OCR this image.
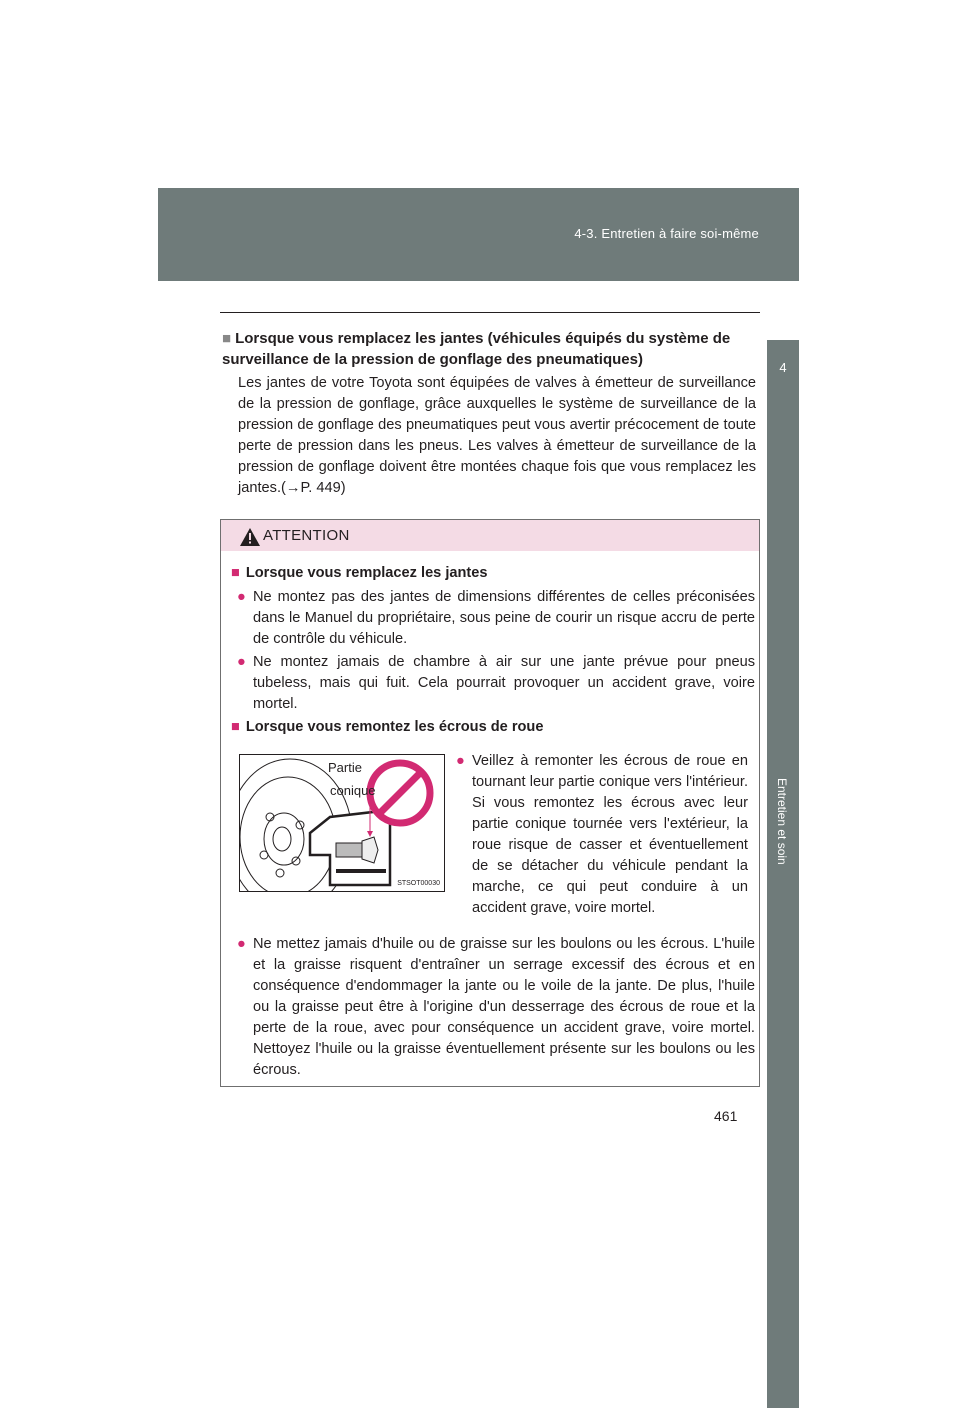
4-3. Entretien à faire soi-même
4
Entretien et soin
■ Lorsque vous remplacez les jantes (véhicules équipés du système de surveillance de la pression de gonflage des pneumatiques)
Les jantes de votre Toyota sont équipées de valves à émetteur de surveillance de la pression de gonflage, grâce auxquelles le système de surveillance de la pression de gonflage des pneumatiques peut vous avertir précocement de toute perte de pression dans les pneus. Les valves à émetteur de surveillance de la pression de gonflage doivent être montées chaque fois que vous remplacez les jantes.(→P. 449)
ATTENTION
■ Lorsque vous remplacez les jantes
● Ne montez pas des jantes de dimensions différentes de celles préconisées dans le Manuel du propriétaire, sous peine de courir un risque accru de perte de contrôle du véhicule.
● Ne montez jamais de chambre à air sur une jante prévue pour pneus tubeless, mais qui fuit. Cela pourrait provoquer un accident grave, voire mortel.
■ Lorsque vous remontez les écrous de roue
Partie
conique
STSOT00030
● Veillez à remonter les écrous de roue en tournant leur partie conique vers l'intérieur. Si vous remontez les écrous avec leur partie conique tournée vers l'extérieur, la roue risque de casser et éventuellement de se détacher du véhicule pendant la marche, ce qui peut conduire à un accident grave, voire mortel.
● Ne mettez jamais d'huile ou de graisse sur les boulons ou les écrous. L'huile et la graisse risquent d'entraîner un serrage excessif des écrous et en conséquence d'endommager la jante ou le voile de la jante. De plus, l'huile ou la graisse peut être à l'origine d'un desserrage des écrous de roue et la perte de la roue, avec pour conséquence un accident grave, voire mortel. Nettoyez l'huile ou la graisse éventuellement présente sur les boulons ou les écrous.
461
